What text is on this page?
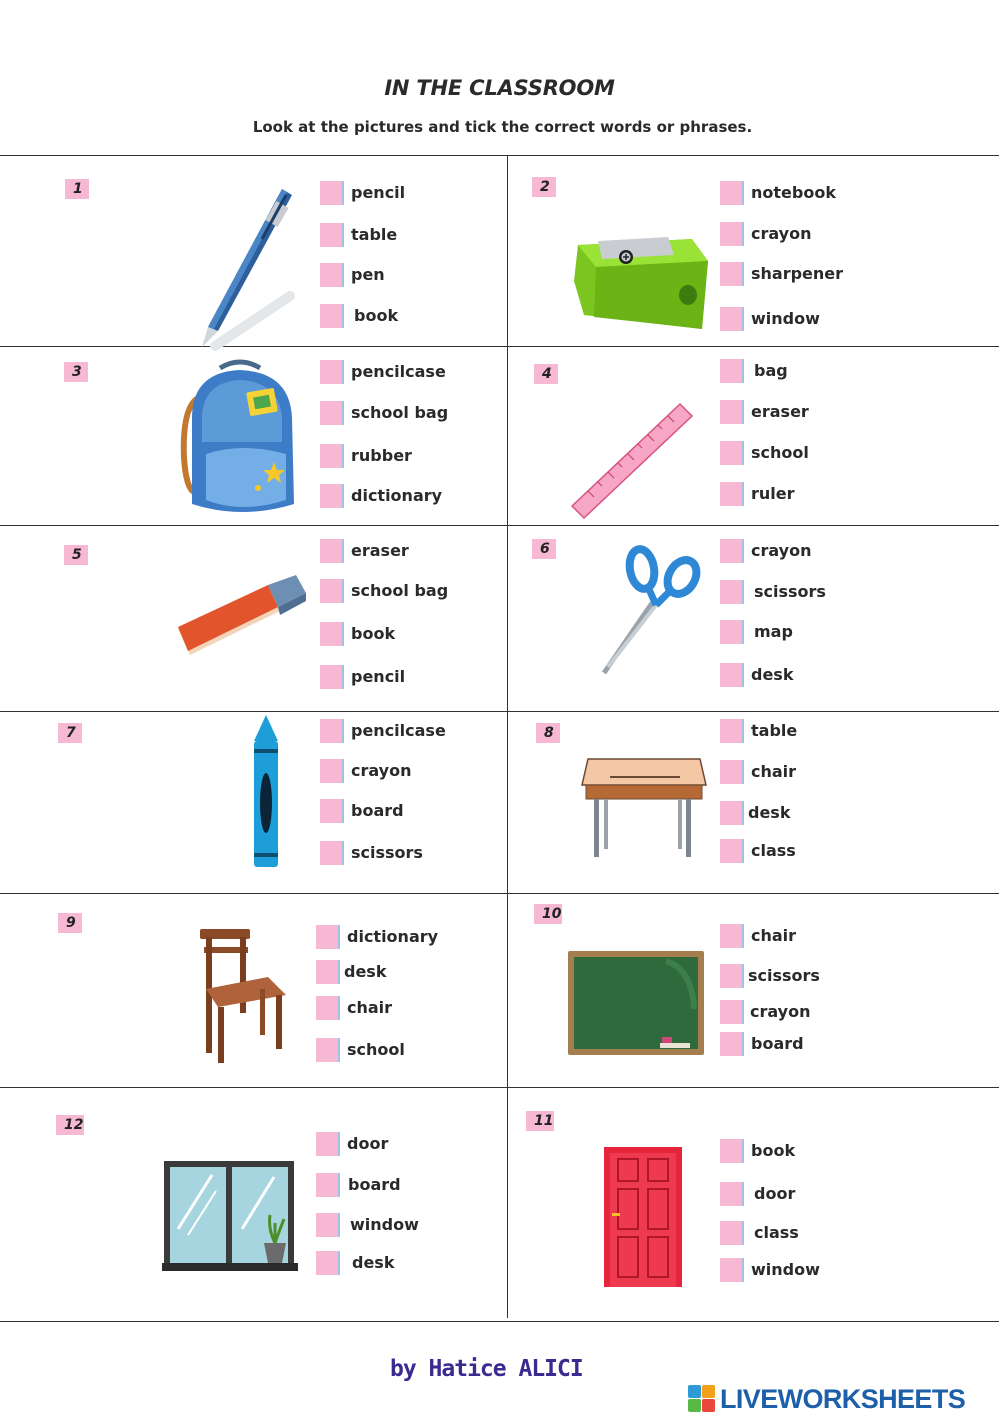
IN THE CLASSROOM
Look at the pictures and tick the correct words or phrases.
1	pencil
table
pen
book
2	notebook
crayon
sharpener
window
3	pencilcase
school bag
rubber
dictionary
4	bag
eraser
school
ruler
5	eraser
school bag
book
pencil
6	crayon
scissors
map
desk
7	pencilcase
crayon
board
scissors
8	table
chair
desk
class
9
dictionary
desk
chair
school
10
chair
scissors
crayon
board
12
door
board
window
desk
11
book
door
class
window
by Hatice ALICI
LIVEWORKSHEETS
